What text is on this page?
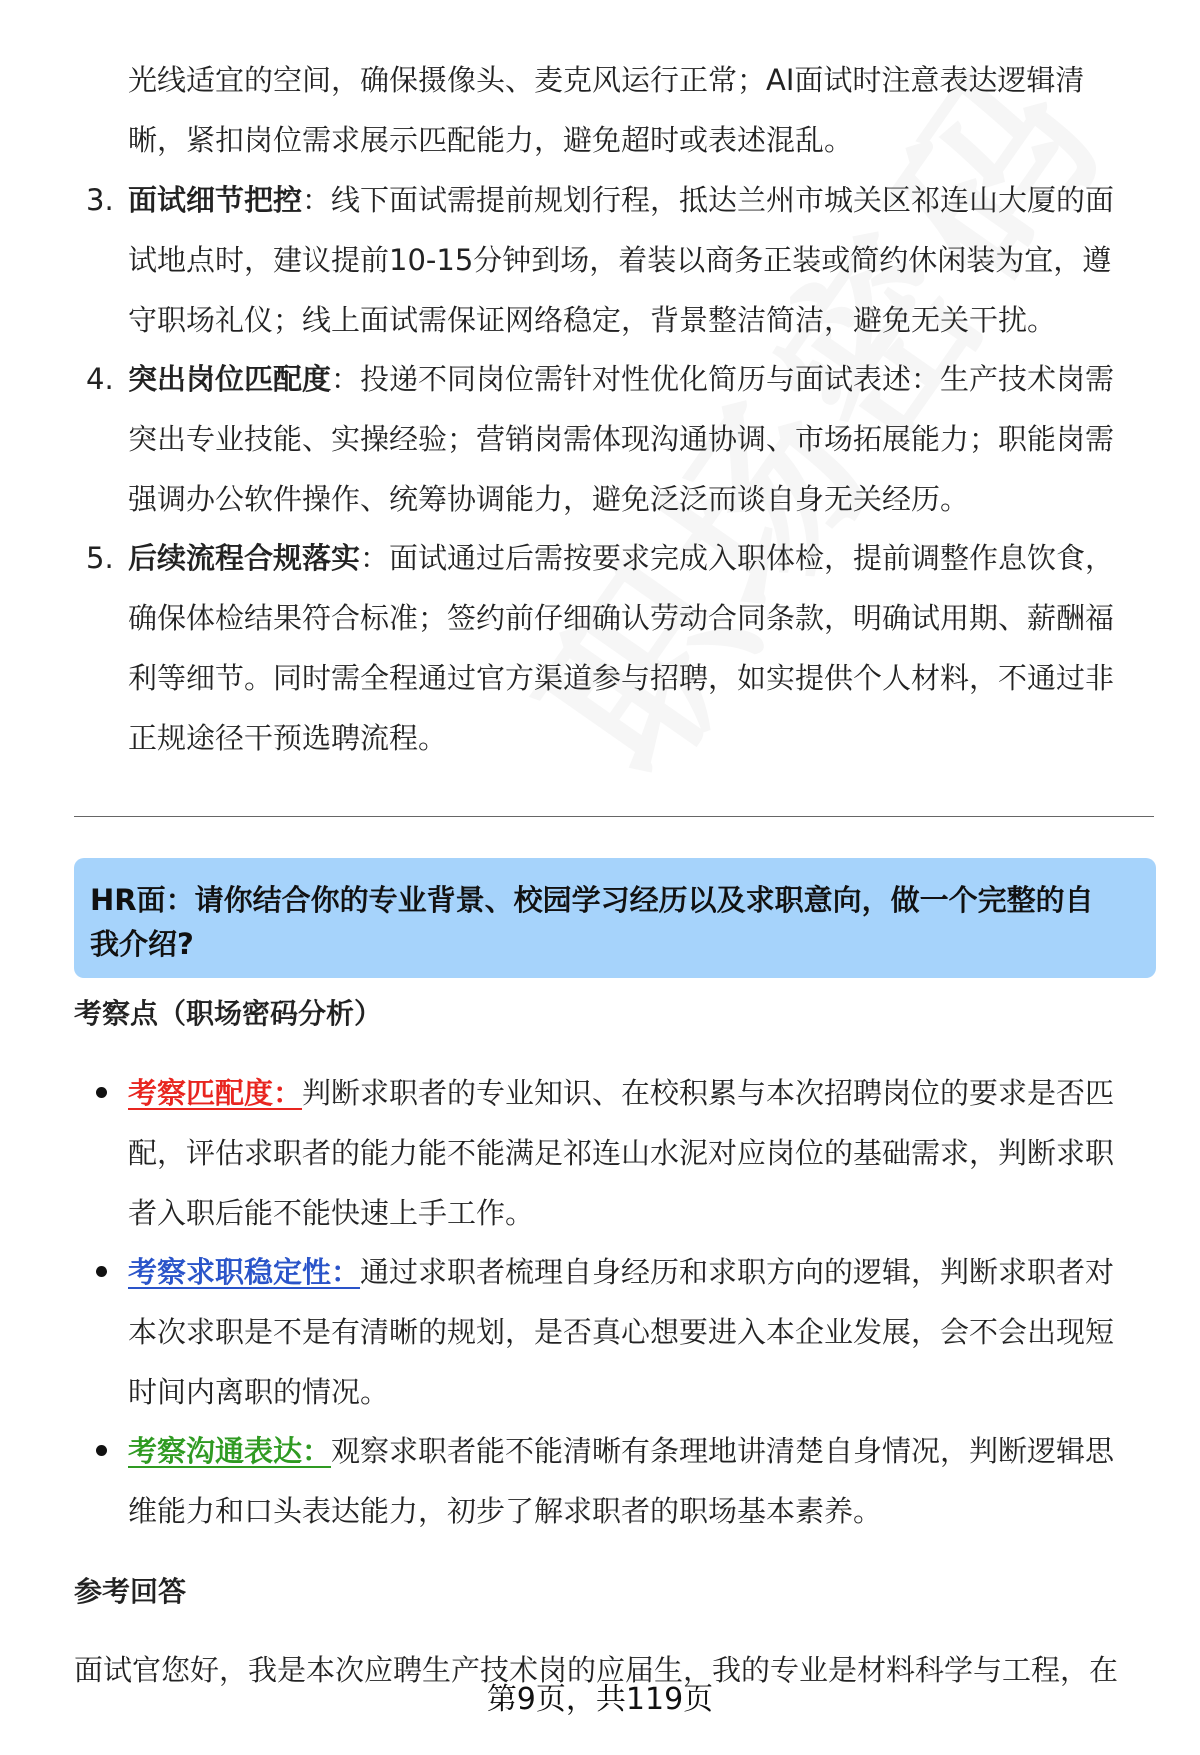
光线适宜的空间，确保摄像头、麦克风运行正常；AI面试时注意表达逻辑清
晰，紧扣岗位需求展示匹配能力，避免超时或表述混乱。
3. 面试细节把控：线下面试需提前规划行程，抵达兰州市城关区祁连山大厦的面
试地点时，建议提前10-15分钟到场，着装以商务正装或简约休闲装为宜，遵
守职场礼仪；线上面试需保证网络稳定，背景整洁简洁，避免无关干扰。
4. 突出岗位匹配度：投递不同岗位需针对性优化简历与面试表述：生产技术岗需
突出专业技能、实操经验；营销岗需体现沟通协调、市场拓展能力；职能岗需
强调办公软件操作、统筹协调能力，避免泛泛而谈自身无关经历。
5. 后续流程合规落实：面试通过后需按要求完成入职体检，提前调整作息饮食，
确保体检结果符合标准；签约前仔细确认劳动合同条款，明确试用期、薪酬福
利等细节。同时需全程通过官方渠道参与招聘，如实提供个人材料，不通过非
正规途径干预选聘流程。
HR面：请你结合你的专业背景、校园学习经历以及求职意向，做一个完整的自
我介绍?
考察点（职场密码分析）
考察匹配度：判断求职者的专业知识、在校积累与本次招聘岗位的要求是否匹
配，评估求职者的能力能不能满足祁连山水泥对应岗位的基础需求，判断求职
者入职后能不能快速上手工作。
考察求职稳定性：通过求职者梳理自身经历和求职方向的逻辑，判断求职者对
本次求职是不是有清晰的规划，是否真心想要进入本企业发展，会不会出现短
时间内离职的情况。
考察沟通表达：观察求职者能不能清晰有条理地讲清楚自身情况，判断逻辑思
维能力和口头表达能力，初步了解求职者的职场基本素养。
参考回答
面试官您好，我是本次应聘生产技术岗的应届生，我的专业是材料科学与工程，在
第9页，共119页
